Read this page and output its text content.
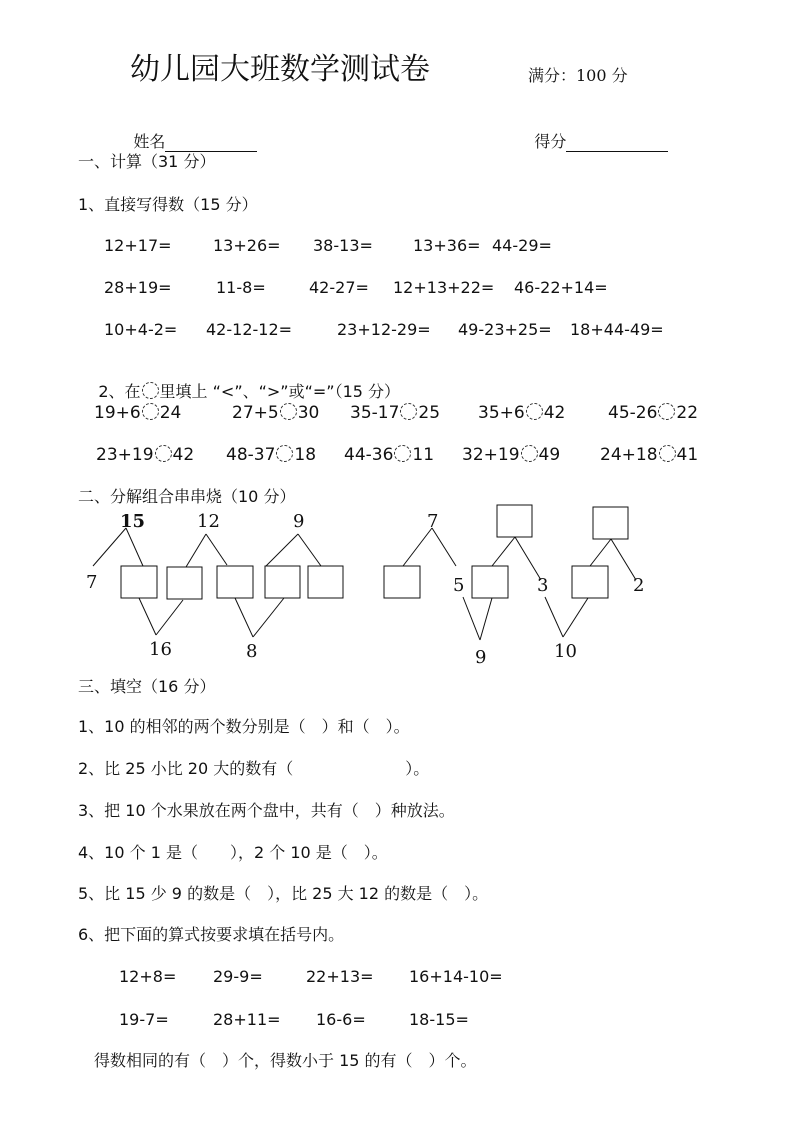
幼儿园大班数学测试卷	满分：100 分

姓名
	得分

一、计算（31 分）
1、直接写得数（15 分）
12+17=	13+26= 38-13=	13+36= 44-29=
28+19=	11-8=	42-27= 12+13+22= 46-22+14=
10+4-2= 42-12-12=	23+12-29= 49-23+25= 18+44-49=

2、在 里填上 “<”、“>”或“=”（15 分）

19+6 24	27+5 30 35-17 25 35+6 42	45-26 22
23+19 42 48-37 18 44-36 11 32+19 49 24+18 41
二、分解组合串串烧（10 分）
15	12	9
7
16	8
7
5
9
3	2
10
三、填空（16 分）
1、10 的相邻的两个数分别是（　）和（　）。
2、比 25 小比 20 大的数有（　　　　　　　）。
3、把 10 个水果放在两个盘中，共有（　）种放法。
4、10 个 1 是（　　），2 个 10 是（　）。
5、比 15 少 9 的数是（　），比 25 大 12 的数是（　）。
6、把下面的算式按要求填在括号内。
12+8= 29-9=	22+13= 16+14-10=
19-7=	28+11= 16-6=	18-15=
得数相同的有（　）个，得数小于 15 的有（　）个。
